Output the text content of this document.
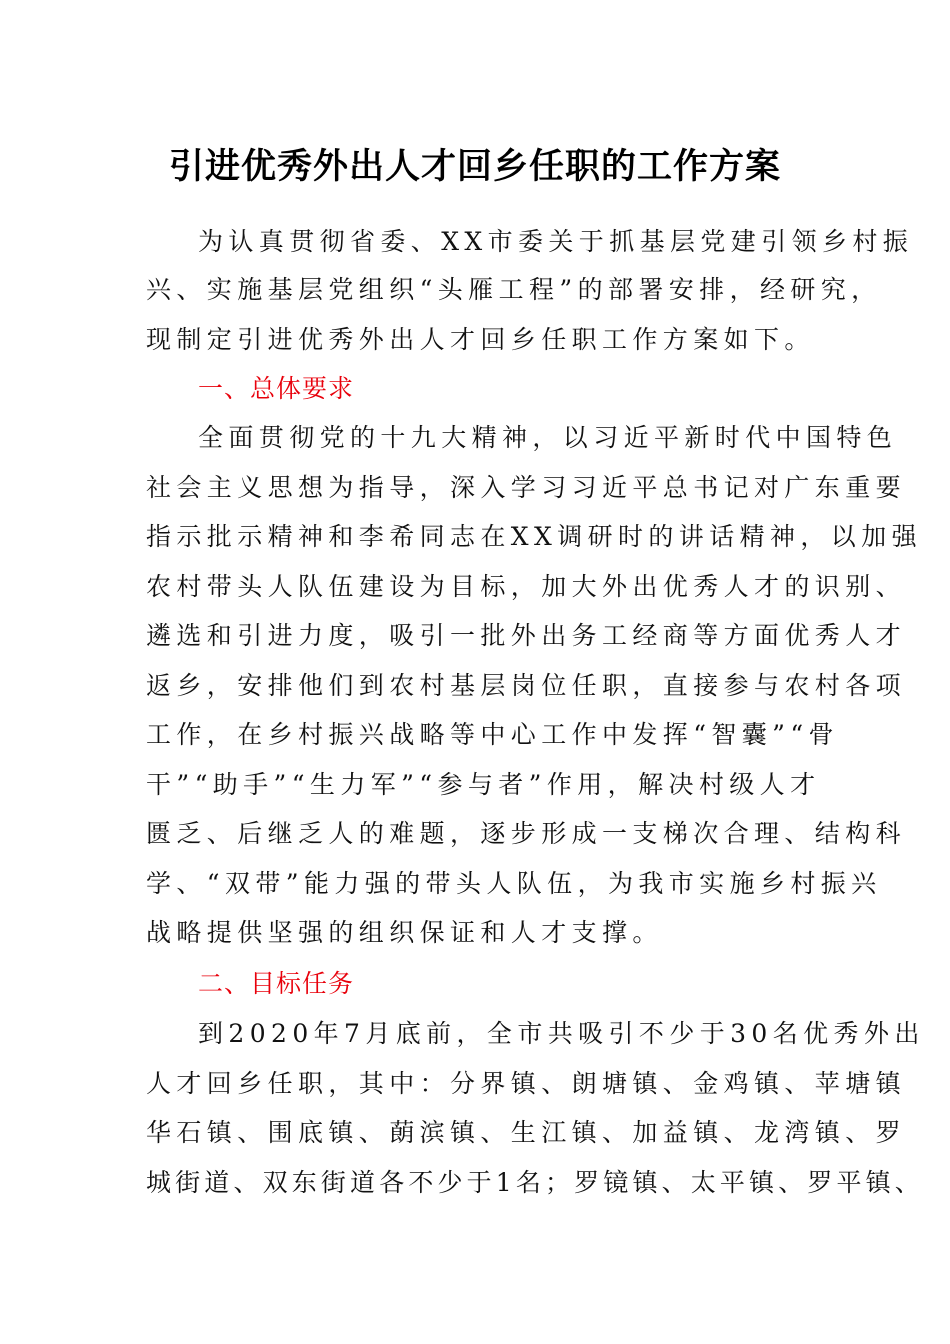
引进优秀外出人才回乡任职的工作方案
为认真贯彻省委、XX市委关于抓基层党建引领乡村振
兴、实施基层党组织“头雁工程”的部署安排，经研究，
现制定引进优秀外出人才回乡任职工作方案如下。
一、总体要求
全面贯彻党的十九大精神，以习近平新时代中国特色
社会主义思想为指导，深入学习习近平总书记对广东重要
指示批示精神和李希同志在XX调研时的讲话精神，以加强
农村带头人队伍建设为目标，加大外出优秀人才的识别、
遴选和引进力度，吸引一批外出务工经商等方面优秀人才
返乡，安排他们到农村基层岗位任职，直接参与农村各项
工作，在乡村振兴战略等中心工作中发挥“智囊”“骨
干”“助手”“生力军”“参与者”作用，解决村级人才
匮乏、后继乏人的难题，逐步形成一支梯次合理、结构科
学、“双带”能力强的带头人队伍，为我市实施乡村振兴
战略提供坚强的组织保证和人才支撑。
二、目标任务
到2020年7月底前，全市共吸引不少于30名优秀外出
人才回乡任职，其中：分界镇、朗塘镇、金鸡镇、苹塘镇
华石镇、围底镇、蓢滨镇、生江镇、加益镇、龙湾镇、罗
城街道、双东街道各不少于1名；罗镜镇、太平镇、罗平镇、
